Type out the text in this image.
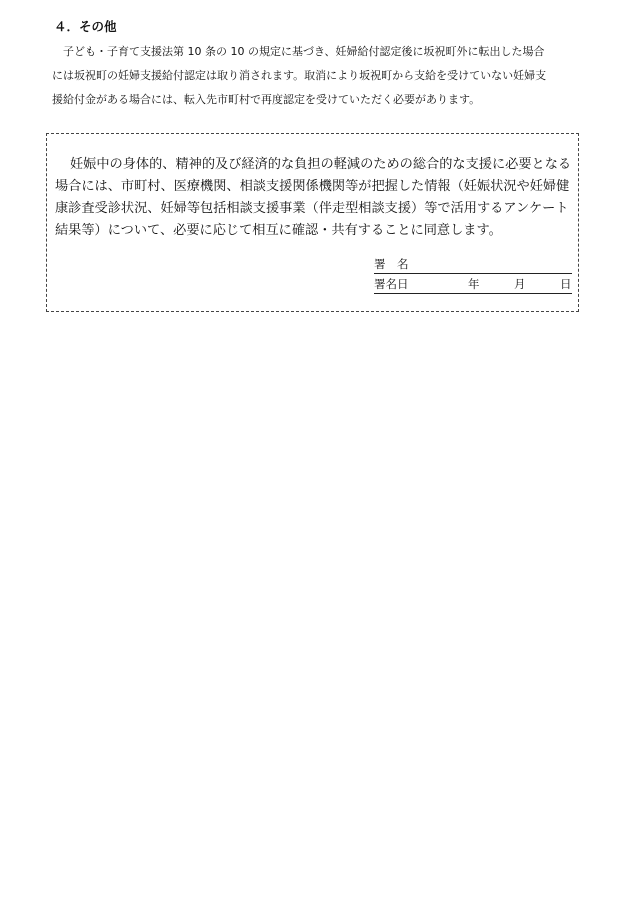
４．その他

子ども・子育て支援法第 10 条の 10 の規定に基づき、妊婦給付認定後に坂祝町外に転出した場合
には坂祝町の妊婦支援給付認定は取り消されます。取消により坂祝町から支給を受けていない妊婦支
援給付金がある場合には、転入先市町村で再度認定を受けていただく必要があります。

妊娠中の身体的、精神的及び経済的な負担の軽減のための総合的な支援に必要となる
場合には、市町村、医療機関、相談支援関係機関等が把握した情報（妊娠状況や妊婦健
康診査受診状況、妊婦等包括相談支援事業（伴走型相談支援）等で活用するアンケート
結果等）について、必要に応じて相互に確認・共有することに同意します。

署　名
署名日	年	月	日
